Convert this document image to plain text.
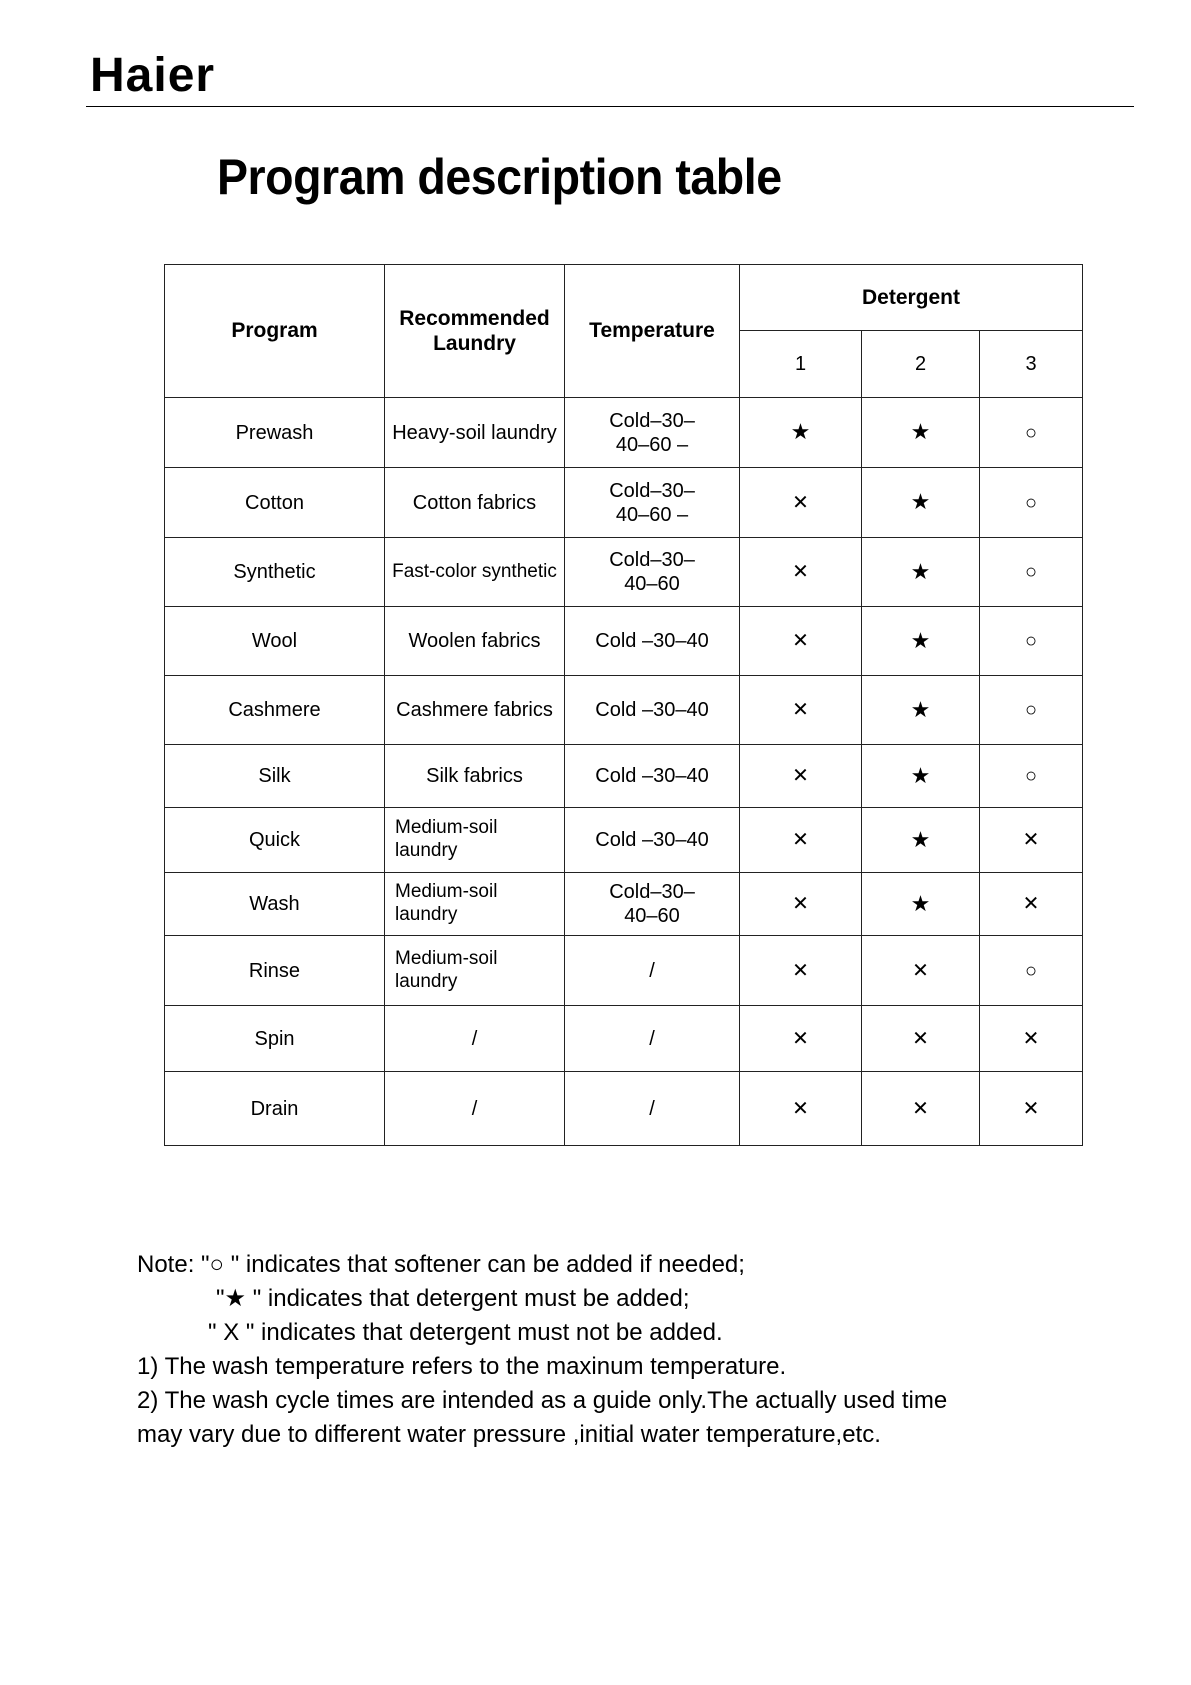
Haier
Program description table
Program	Recommended Laundry	Temperature	Detergent		
			1	2	3
Prewash	Heavy-soil laundry	Cold–30–40–60 –	★	★	○
Cotton	Cotton fabrics	Cold–30–40–60 –	✕	★	○
Synthetic	Fast-color synthetic	Cold–30–40–60	✕	★	○
Wool	Woolen fabrics	Cold –30–40	✕	★	○
Cashmere	Cashmere fabrics	Cold –30–40	✕	★	○
Silk	Silk fabrics	Cold –30–40	✕	★	○
Quick	Medium-soil laundry	Cold –30–40	✕	★	✕
Wash	Medium-soil laundry	Cold–30–40–60	✕	★	✕
Rinse	Medium-soil laundry	/	✕	✕	○
Spin	/	/	✕	✕	✕
Drain	/	/	✕	✕	✕
Note: "○ " indicates that softener can be added if needed;
"★ " indicates that detergent must be added;
" X " indicates that detergent must not be added.
1) The wash temperature refers to the maxinum temperature.
2) The wash cycle times are intended as a guide only.The actually used time
may vary due to different water pressure ,initial water temperature,etc.
